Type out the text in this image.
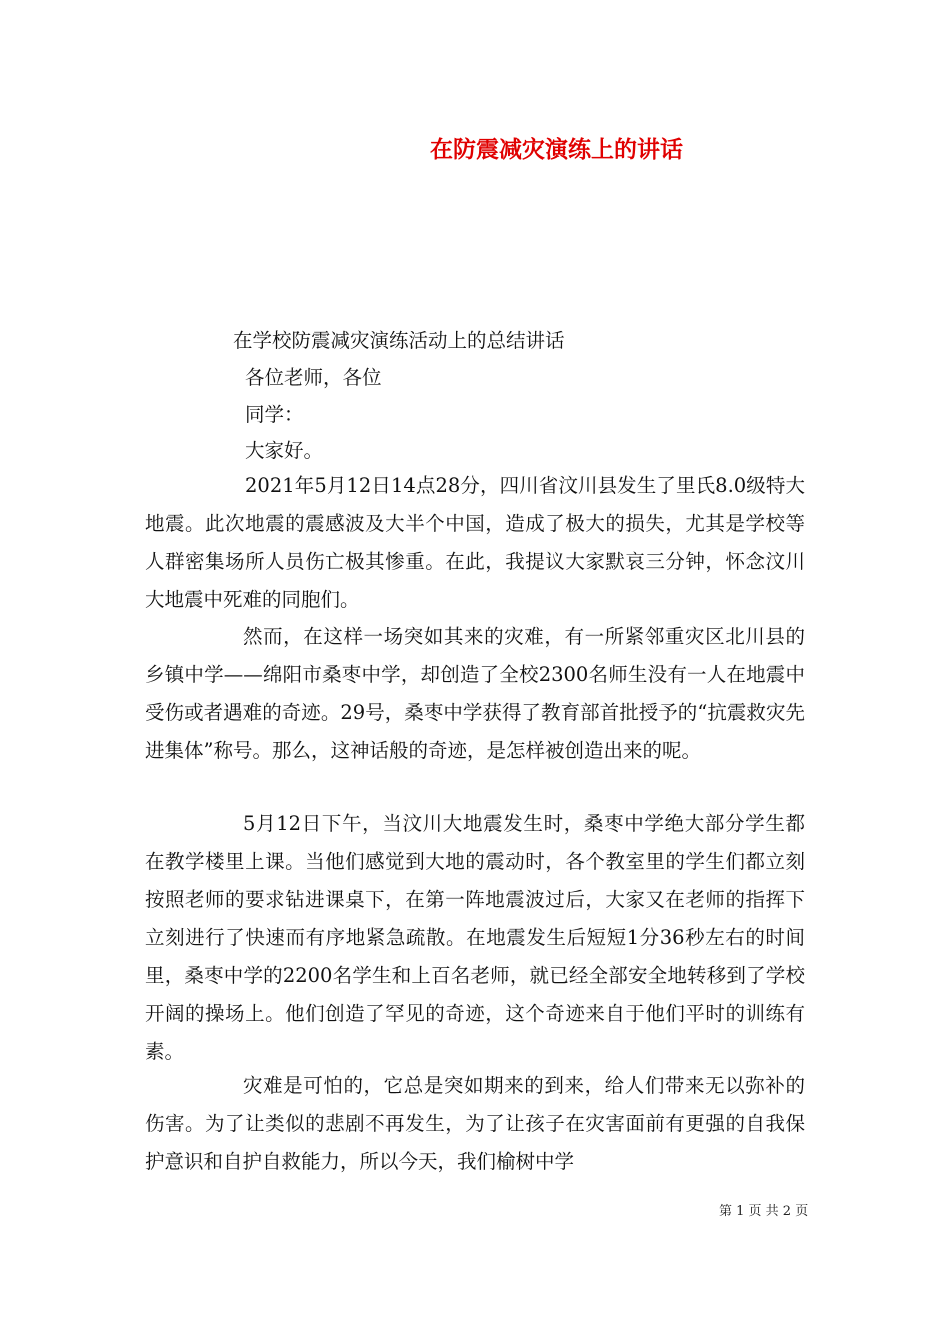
在防震减灾演练上的讲话
在学校防震减灾演练活动上的总结讲话
各位老师，各位
同学：
大家好。

2021年5月12日14点28分，四川省汶川县发生了里氏8.0级特大地震。此次地震的震感波及大半个中国，造成了极大的损失，尤其是学校等人群密集场所人员伤亡极其惨重。在此，我提议大家默哀三分钟，怀念汶川大地震中死难的同胞们。

然而，在这样一场突如其来的灾难，有一所紧邻重灾区北川县的乡镇中学——绵阳市桑枣中学，却创造了全校2300名师生没有一人在地震中受伤或者遇难的奇迹。29号，桑枣中学获得了教育部首批授予的“抗震救灾先进集体”称号。那么，这神话般的奇迹，是怎样被创造出来的呢。

5月12日下午，当汶川大地震发生时，桑枣中学绝大部分学生都在教学楼里上课。当他们感觉到大地的震动时，各个教室里的学生们都立刻按照老师的要求钻进课桌下，在第一阵地震波过后，大家又在老师的指挥下立刻进行了快速而有序地紧急疏散。在地震发生后短短1分36秒左右的时间里，桑枣中学的2200名学生和上百名老师，就已经全部安全地转移到了学校开阔的操场上。他们创造了罕见的奇迹，这个奇迹来自于他们平时的训练有素。

灾难是可怕的，它总是突如期来的到来，给人们带来无以弥补的伤害。为了让类似的悲剧不再发生，为了让孩子在灾害面前有更强的自我保护意识和自护自救能力，所以今天，我们榆树中学

第 1 页 共 2 页
